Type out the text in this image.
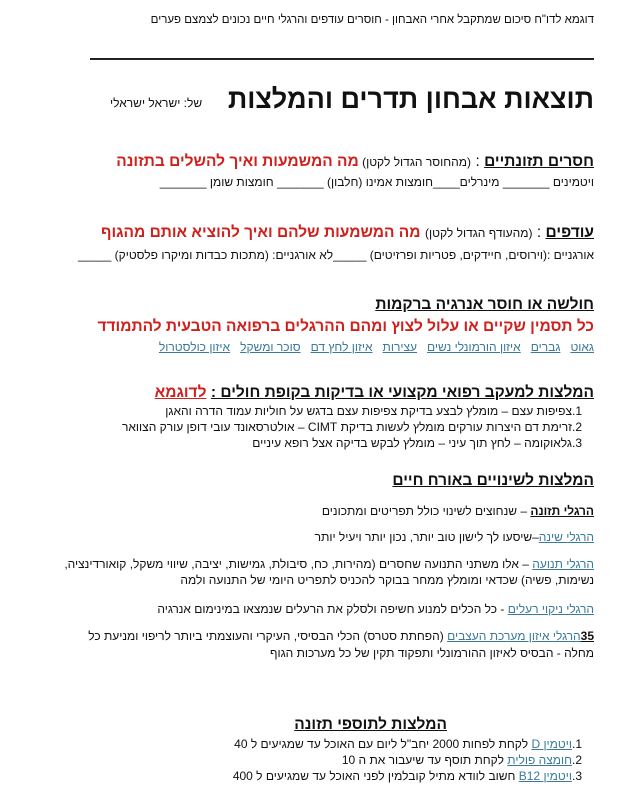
דוגמא לדו"ח סיכום שמתקבל אחרי האבחון - חוסרים עודפים והרגלי חיים נכונים לצמצם פערים
תוצאות אבחון תדרים והמלצות
של: ישראל ישראלי
חסרים תזונתיים : (מהחוסר הגדול לקטן) מה המשמעות ואיך להשלים בתזונה
ויטמינים _______ מינרלים____חומצות אמינו (חלבון) _______ חומצות שומן _______
עודפים : (מהעודף הגדול לקטן) מה המשמעות שלהם ואיך להוציא אותם מהגוף
אורגניים :(וירוסים, חיידקים, פטריות ופרזיטים) _____לא אורגניים: (מתכות כבדות ומיקרו פלסטיק) _____
חולשה או חוסר אנרגיה ברקמות
כל תסמין שקיים או עלול לצוץ ומהם ההרגלים ברפואה הטבעית להתמודד
גאוט   גברים   איזון הורמונלי נשים   עצירות   איזון לחץ דם   סוכר ומשקל   איזון כולסטרול
המלצות למעקב רפואי מקצועי או בדיקות בקופת חולים : לדוגמא
1.צפיפות עצם – מומלץ לבצע בדיקת צפיפות עצם בדגש על חוליות עמוד הדרה והאגן
2.זרימת דם היצרות עורקים מומלץ לעשות בדיקת CIMT – אולטרסאונד עובי דופן עורק הצוואר
3.גלאוקומה – לחץ תוך עיני – מומלץ לבקש בדיקה אצל רופא עיניים
המלצות לשינויים באורח חיים
הרגלי תזונה – שנחוצים לשינוי כולל תפריטים ומתכונים
הרגלי שינה–שיסעו לך לישון טוב יותר, נכון יותר ויעיל יותר
הרגלי תנועה – אלו משתני התנועה שחסרים (מהירות, כח, סיבולת, גמישות, יציבה, שיווי משקל, קואורדינציה,
נשימות, פשיה) שכדאי ומומלץ ממחר בבוקר להכניס לתפריט היומי של התנועה ולמה
הרגלי ניקוי רעלים - כל הכלים למנוע חשיפה ולסלק את הרעלים שנמצאו במינימום אנרגיה
35הרגלי איזון מערכת העצבים (הפחתת סטרס) הכלי הבסיסי, העיקרי והעוצמתי ביותר לריפוי ומניעת כל
מחלה - הבסיס לאיזון ההורמונלי ותפקוד תקין של כל מערכות הגוף
המלצות לתוספי תזונה
1.ויטמין D לקחת לפחות 2000 יחב"ל ליום עם האוכל עד שמגיעים ל 40
2.חומצה פולית לקחת תוסף עד שיעבור את ה 10
3.ויטמין B12 חשוב לוודא מתיל קובלמין לפני האוכל עד שמגיעים ל 400
